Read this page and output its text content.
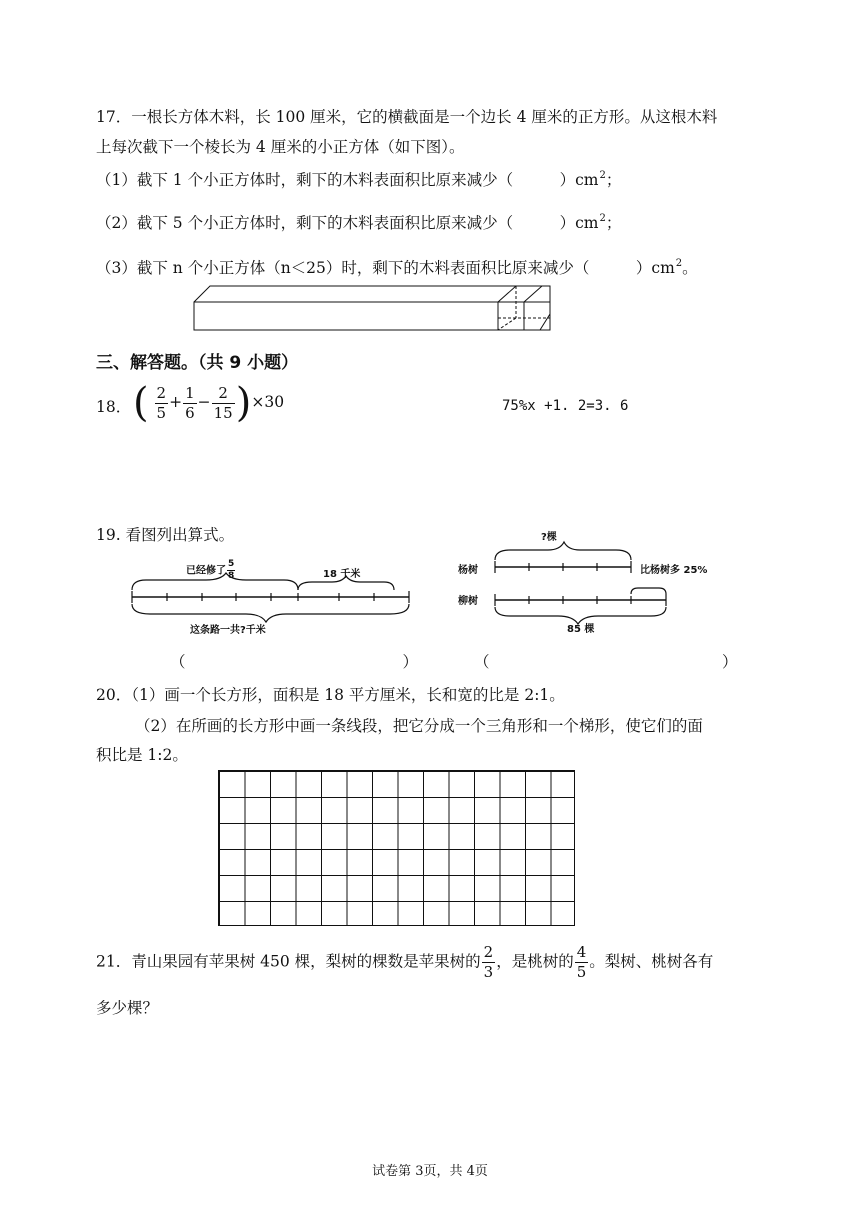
17．一根长方体木料，长 100 厘米，它的横截面是一个边长 4 厘米的正方形。从这根木料
上每次截下一个棱长为 4 厘米的小正方体（如下图）。
（1）截下 1 个小正方体时，剩下的木料表面积比原来减少（　　　）$cm^2$；
（2）截下 5 个小正方体时，剩下的木料表面积比原来减少（　　　）$cm^2$；
（3）截下 n 个小正方体（n＜25）时，剩下的木料表面积比原来减少（　　　）$cm^2$。
三、解答题。（共 9 小题）
18． ( $\frac{2}{5} + \frac{1}{6} - \frac{2}{15} )\times 30$	75%x +1. 2=3. 6
19. 看图列出算式。
已经修了 $\frac{5}{8}$	18 千米
这条路一共?千米
?棵
杨树
柳树
比杨树多 25%
85 棵
（　　　　　　　　　　　　　　）	（　　　　　　　　　　　　　　　）
20．（1）画一个长方形，面积是 18 平方厘米，长和宽的比是 2:1。
（2）在所画的长方形中画一条线段，把它分成一个三角形和一个梯形，使它们的面
积比是 1:2。
21．青山果园有苹果树 450 棵，梨树的棵数是苹果树的 $\frac{2}{3}$ ，是桃树的 $\frac{4}{5}$ 。梨树、桃树各有
多少棵？
试卷第 3页，共 4页
